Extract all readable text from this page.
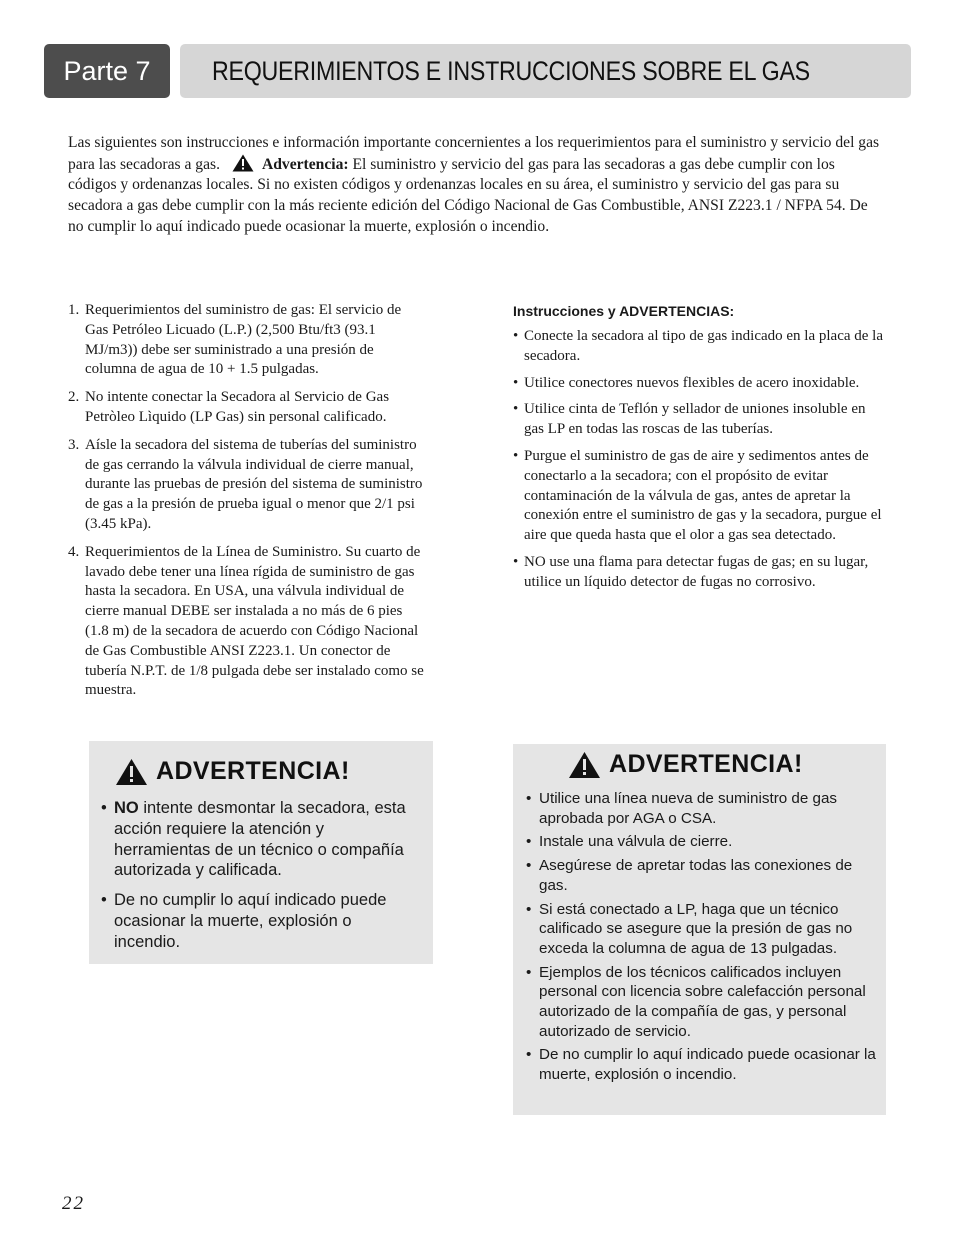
Parte 7	REQUERIMIENTOS E INSTRUCCIONES SOBRE EL GAS

Las siguientes son instrucciones e información importante concernientes a los requerimientos para el suministro y servicio del gas para las secadoras a gas.	Advertencia: El suministro y servicio del gas para las secadoras a gas debe cumplir con los códigos y ordenanzas locales. Si no existen códigos y ordenanzas locales en su área, el suministro y servicio del gas para su secadora a gas debe cumplir con la más reciente edición del Código Nacional de Gas Combustible, ANSI Z223.1 / NFPA 54. De no cumplir lo aquí indicado puede ocasionar la muerte, explosión o incendio.

1. Requerimientos del suministro de gas: El servicio de Gas Petróleo Licuado (L.P.) (2,500 Btu/ft3 (93.1 MJ/m3)) debe ser suministrado a una presión de columna de agua de 10 + 1.5 pulgadas.
2. No intente conectar la Secadora al Servicio de Gas Petròleo Lìquido (LP Gas) sin personal calificado.
3. Aísle la secadora del sistema de tuberías del suministro de gas cerrando la válvula individual de cierre manual, durante las pruebas de presión del sistema de suministro de gas a la presión de prueba igual o menor que 2/1 psi (3.45 kPa).
4. Requerimientos de la Línea de Suministro. Su cuarto de lavado debe tener una línea rígida de suministro de gas hasta la secadora. En USA, una válvula individual de cierre manual DEBE ser instalada a no más de 6 pies (1.8 m) de la secadora de acuerdo con Código Nacional de Gas Combustible ANSI Z223.1. Un conector de tubería N.P.T. de 1/8 pulgada debe ser instalado como se muestra.
Instrucciones y ADVERTENCIAS:
• Conecte la secadora al tipo de gas indicado en la placa de la secadora.
• Utilice conectores nuevos flexibles de acero inoxidable.
• Utilice cinta de Teflón y sellador de uniones insoluble en gas LP en todas las roscas de las tuberías.
• Purgue el suministro de gas de aire y sedimentos antes de conectarlo a la secadora; con el propósito de evitar contaminación de la válvula de gas, antes de apretar la conexión entre el suministro de gas y la secadora, purgue el aire que queda hasta que el olor a gas sea detectado.
• NO use una flama para detectar fugas de gas; en su lugar, utilice un líquido detector de fugas no corrosivo.
ADVERTENCIA!
• NO intente desmontar la secadora, esta acción requiere la atención y herramientas de un técnico o compañía autorizada y calificada.
• De no cumplir lo aquí indicado puede ocasionar la muerte, explosión o incendio.
ADVERTENCIA!
• Utilice una línea nueva de suministro de gas aprobada por AGA o CSA.
• Instale una válvula de cierre.
• Asegúrese de apretar todas las conexiones de gas.
• Si está conectado a LP, haga que un técnico calificado se asegure que la presión de gas no exceda la columna de agua de 13 pulgadas.
• Ejemplos de los técnicos calificados incluyen personal con licencia sobre calefacción personal autorizado de la compañía de gas, y personal autorizado de servicio.
• De no cumplir lo aquí indicado puede ocasionar la muerte, explosión o incendio.
22
